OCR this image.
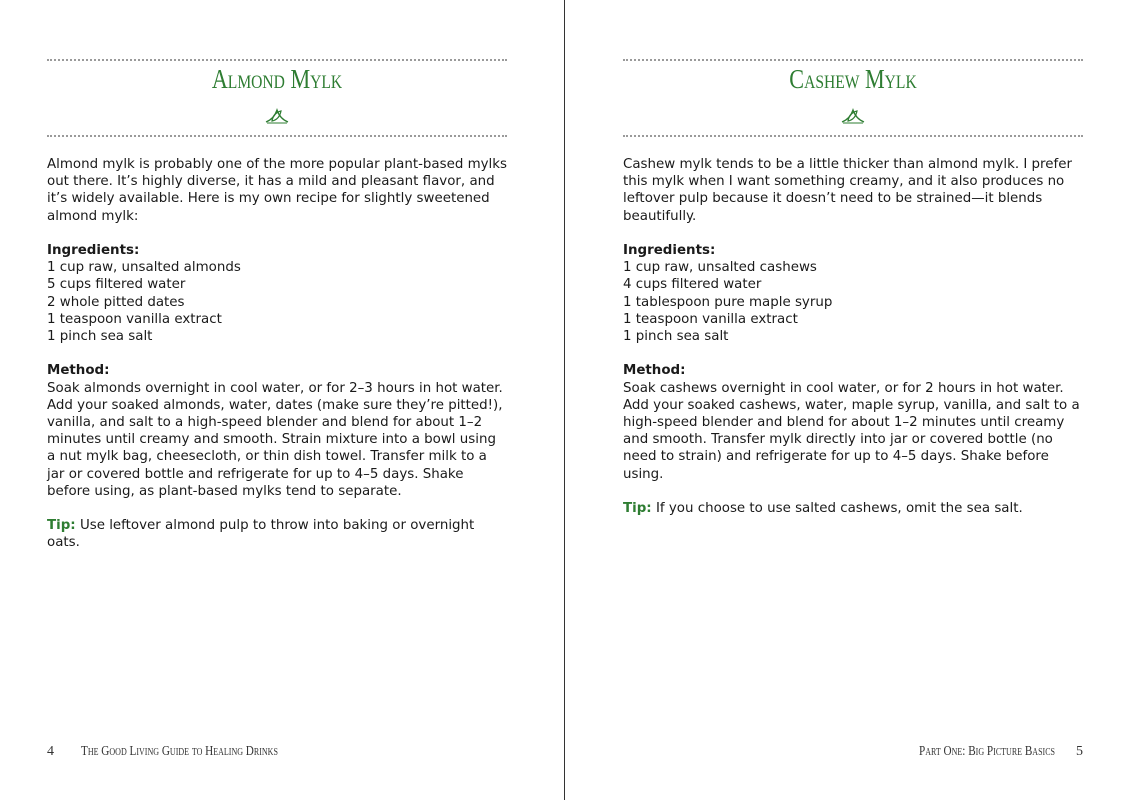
Almond Mylk

Almond mylk is probably one of the more popular plant-based mylks out there. It’s highly diverse, it has a mild and pleasant flavor, and it’s widely available. Here is my own recipe for slightly sweetened almond mylk:

Ingredients:

1 cup raw, unsalted almonds
5 cups filtered water
2 whole pitted dates
1 teaspoon vanilla extract
1 pinch sea salt

Method:

Soak almonds overnight in cool water, or for 2–3 hours in hot water. Add your soaked almonds, water, dates (make sure they’re pitted!), vanilla, and salt to a high-speed blender and blend for about 1–2 minutes until creamy and smooth. Strain mixture into a bowl using a nut mylk bag, cheesecloth, or thin dish towel. Transfer milk to a jar or covered bottle and refrigerate for up to 4–5 days. Shake before using, as plant-based mylks tend to separate.

Tip: Use leftover almond pulp to throw into baking or overnight oats.

4 The Good Living Guide to Healing Drinks
Cashew Mylk

Cashew mylk tends to be a little thicker than almond mylk. I prefer this mylk when I want something creamy, and it also produces no leftover pulp because it doesn’t need to be strained—it blends beautifully.

Ingredients:

1 cup raw, unsalted cashews
4 cups filtered water
1 tablespoon pure maple syrup
1 teaspoon vanilla extract
1 pinch sea salt

Method:

Soak cashews overnight in cool water, or for 2 hours in hot water. Add your soaked cashews, water, maple syrup, vanilla, and salt to a high-speed blender and blend for about 1–2 minutes until creamy and smooth. Transfer mylk directly into jar or covered bottle (no need to strain) and refrigerate for up to 4–5 days. Shake before using.

Tip: If you choose to use salted cashews, omit the sea salt.

Part One: Big Picture Basics 5
